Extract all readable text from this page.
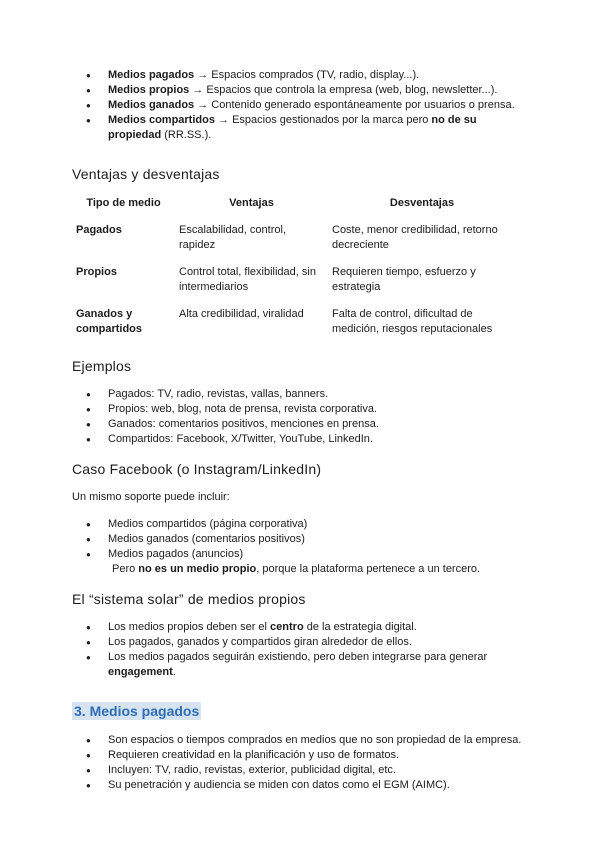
● Medios pagados → Espacios comprados (TV, radio, display...).
● Medios propios → Espacios que controla la empresa (web, blog, newsletter...).
● Medios ganados → Contenido generado espontáneamente por usuarios o prensa.
● Medios compartidos → Espacios gestionados por la marca pero no de su propiedad (RR.SS.).
Ventajas y desventajas
Tipo de medio	Ventajas	Desventajas
Pagados	Escalabilidad, control, rapidez	Coste, menor credibilidad, retorno decreciente
Propios	Control total, flexibilidad, sin intermediarios	Requieren tiempo, esfuerzo y estrategia
Ganados y compartidos	Alta credibilidad, viralidad	Falta de control, dificultad de medición, riesgos reputacionales
Ejemplos
● Pagados: TV, radio, revistas, vallas, banners.
● Propios: web, blog, nota de prensa, revista corporativa.
● Ganados: comentarios positivos, menciones en prensa.
● Compartidos: Facebook, X/Twitter, YouTube, LinkedIn.
Caso Facebook (o Instagram/LinkedIn)
Un mismo soporte puede incluir:
● Medios compartidos (página corporativa)
● Medios ganados (comentarios positivos)
● Medios pagados (anuncios)
Pero no es un medio propio, porque la plataforma pertenece a un tercero.
El “sistema solar” de medios propios
● Los medios propios deben ser el centro de la estrategia digital.
● Los pagados, ganados y compartidos giran alrededor de ellos.
● Los medios pagados seguirán existiendo, pero deben integrarse para generar engagement.
3. Medios pagados
● Son espacios o tiempos comprados en medios que no son propiedad de la empresa.
● Requieren creatividad en la planificación y uso de formatos.
● Incluyen: TV, radio, revistas, exterior, publicidad digital, etc.
● Su penetración y audiencia se miden con datos como el EGM (AIMC).
